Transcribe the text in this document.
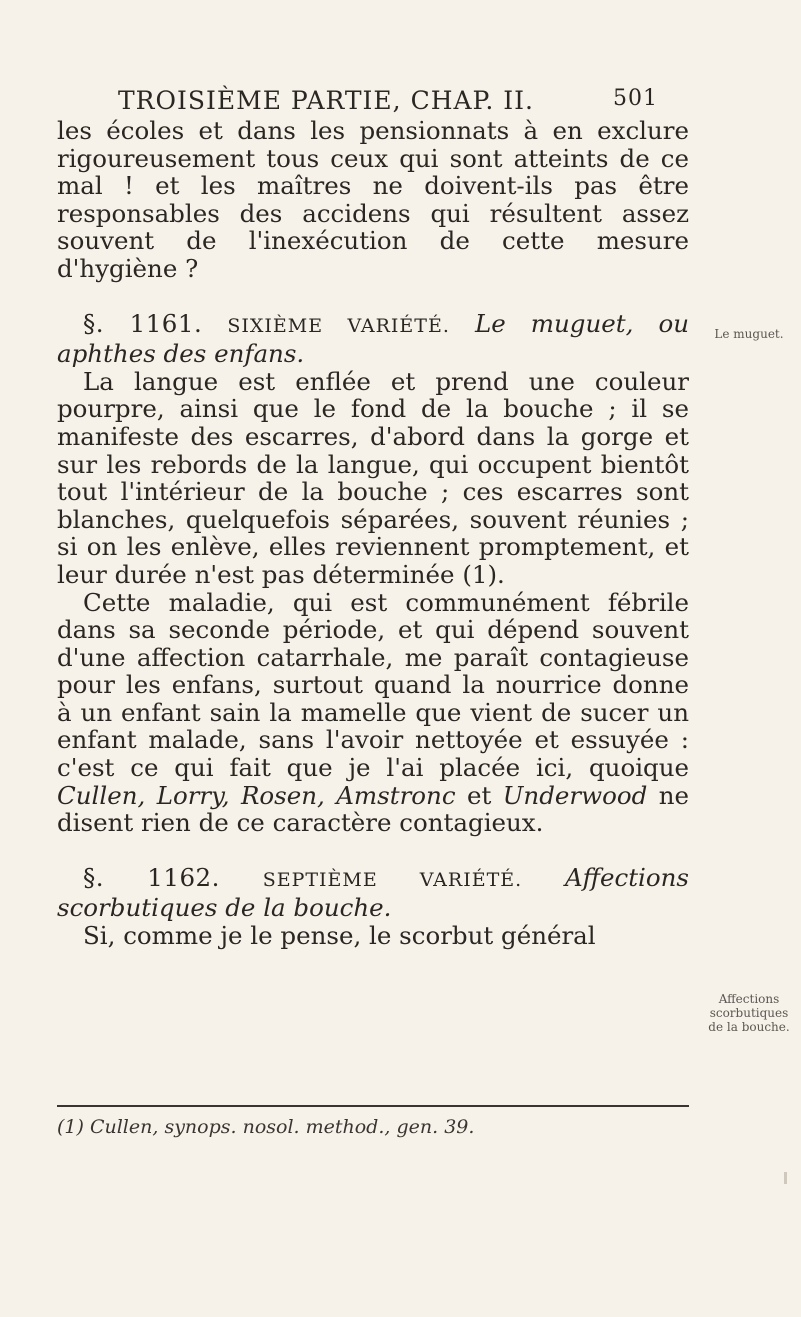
TROISIÈME PARTIE, CHAP. II.	501

les écoles et dans les pensionnats à en exclure rigoureusement tous ceux qui sont atteints de ce mal ! et les maîtres ne doivent-ils pas être responsables des accidens qui résultent assez souvent de l'inexécution de cette mesure d'hygiène ?

§. 1161. SIXIÈME VARIÉTÉ. Le muguet, ou aphthes des enfans.

La langue est enflée et prend une couleur pourpre, ainsi que le fond de la bouche ; il se manifeste des escarres, d'abord dans la gorge et sur les rebords de la langue, qui occupent bientôt tout l'intérieur de la bouche ; ces escarres sont blanches, quelquefois séparées, souvent réunies ; si on les enlève, elles reviennent promptement, et leur durée n'est pas déterminée (1).

Cette maladie, qui est communément fébrile dans sa seconde période, et qui dépend souvent d'une affection catarrhale, me paraît contagieuse pour les enfans, surtout quand la nourrice donne à un enfant sain la mamelle que vient de sucer un enfant malade, sans l'avoir nettoyée et essuyée : c'est ce qui fait que je l'ai placée ici, quoique Cullen, Lorry, Rosen, Amstronc et Underwood ne disent rien de ce caractère contagieux.

§. 1162. SEPTIÈME VARIÉTÉ. Affections scorbutiques de la bouche.

Si, comme je le pense, le scorbut général

Le muguet.
Affections
scorbutiques
de la bouche.
(1) Cullen, synops. nosol. method., gen. 39.
